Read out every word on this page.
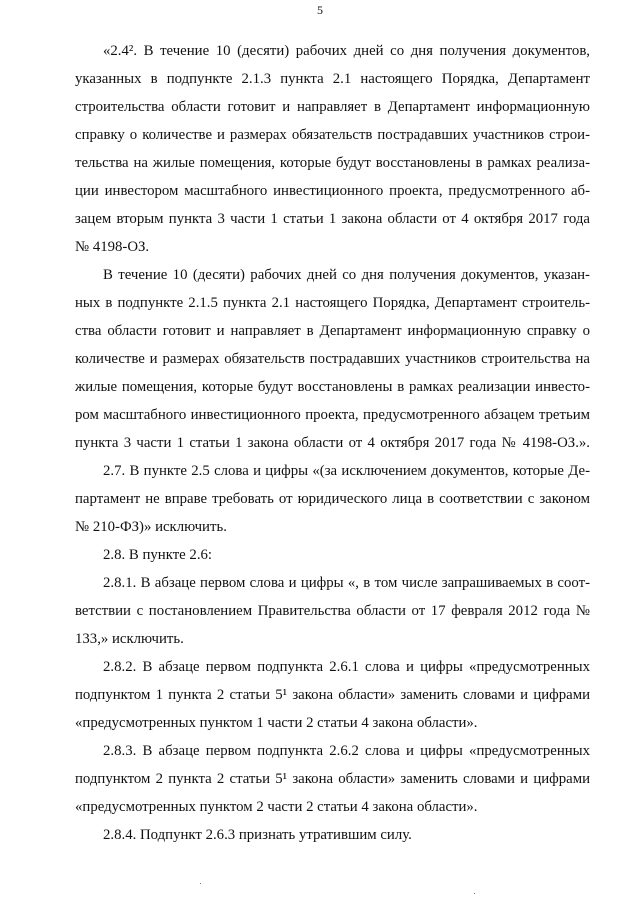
5
«2.4². В течение 10 (десяти) рабочих дней со дня получения документов,
указанных в подпункте 2.1.3 пункта 2.1 настоящего Порядка, Департамент
строительства области готовит и направляет в Департамент информационную
справку о количестве и размерах обязательств пострадавших участников строи-
тельства на жилые помещения, которые будут восстановлены в рамках реализа-
ции инвестором масштабного инвестиционного проекта, предусмотренного аб-
зацем вторым пункта 3 части 1 статьи 1 закона области от 4 октября 2017 года
№ 4198-ОЗ.
В течение 10 (десяти) рабочих дней со дня получения документов, указан-
ных в подпункте 2.1.5 пункта 2.1 настоящего Порядка, Департамент строитель-
ства области готовит и направляет в Департамент информационную справку о
количестве и размерах обязательств пострадавших участников строительства на
жилые помещения, которые будут восстановлены в рамках реализации инвесто-
ром масштабного инвестиционного проекта, предусмотренного абзацем третьим
пункта 3 части 1 статьи 1 закона области от 4 октября 2017 года № 4198-ОЗ.».
2.7. В пункте 2.5 слова и цифры «(за исключением документов, которые Де-
партамент не вправе требовать от юридического лица в соответствии с законом
№ 210-ФЗ)» исключить.
2.8. В пункте 2.6:
2.8.1. В абзаце первом слова и цифры «, в том числе запрашиваемых в соот-
ветствии с постановлением Правительства области от 17 февраля 2012 года №
133,» исключить.
2.8.2. В абзаце первом подпункта 2.6.1 слова и цифры «предусмотренных
подпунктом 1 пункта 2 статьи 5¹ закона области» заменить словами и цифрами
«предусмотренных пунктом 1 части 2 статьи 4 закона области».
2.8.3. В абзаце первом подпункта 2.6.2 слова и цифры «предусмотренных
подпунктом 2 пункта 2 статьи 5¹ закона области» заменить словами и цифрами
«предусмотренных пунктом 2 части 2 статьи 4 закона области».
2.8.4. Подпункт 2.6.3 признать утратившим силу.
